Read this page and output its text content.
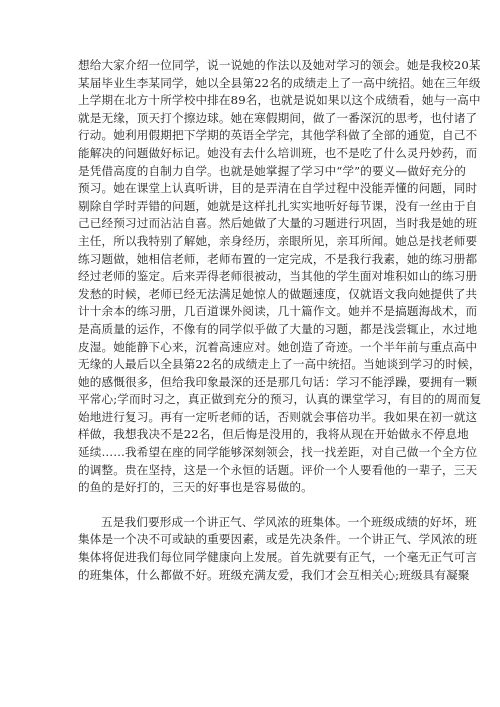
想给大家介绍一位同学，说一说她的作法以及她对学习的领会。她是我校20某
某届毕业生李某同学，她以全县第22名的成绩走上了一高中统招。她在三年级
上学期在北方十所学校中排在89名，也就是说如果以这个成绩看，她与一高中
就是无缘，顶天打个擦边球。她在寒假期间，做了一番深沉的思考，也付诸了
行动。她利用假期把下学期的英语全学完，其他学科做了全部的通览，自己不
能解决的问题做好标记。她没有去什么培训班，也不是吃了什么灵丹妙药，而
是凭借高度的自制力自学。也就是她掌握了学习中“学”的要义—做好充分的
预习。她在课堂上认真听讲，目的是弄清在自学过程中没能弄懂的问题，同时
剔除自学时弄错的问题，她就是这样扎扎实实地听好每节课，没有一丝由于自
己已经预习过而沾沾自喜。然后她做了大量的习题进行巩固，当时我是她的班
主任，所以我特别了解她，亲身经历，亲眼所见，亲耳所闻。她总是找老师要
练习题做，她相信老师，老师布置的一定完成，不是我行我素，她的练习册都
经过老师的鉴定。后来弄得老师很被动，当其他的学生面对堆积如山的练习册
发愁的时候，老师已经无法满足她惊人的做题速度，仅就语文我向她提供了共
计十余本的练习册，几百道课外阅读，几十篇作文。她并不是搞题海战术，而
是高质量的运作，不像有的同学似乎做了大量的习题，都是浅尝辄止，水过地
皮湿。她能静下心来，沉着高速应对。她创造了奇迹。一个半年前与重点高中
无缘的人最后以全县第22名的成绩走上了一高中统招。当她谈到学习的时候，
她的感慨很多，但给我印象最深的还是那几句话：学习不能浮躁，要拥有一颗
平常心;学而时习之，真正做到充分的预习，认真的课堂学习，有目的的周而复
始地进行复习。再有一定听老师的话，否则就会事倍功半。我如果在初一就这
样做，我想我决不是22名，但后悔是没用的，我将从现在开始做永不停息地
延续……我希望在座的同学能够深刻领会，找一找差距，对自己做一个全方位
的调整。贵在坚持，这是一个永恒的话题。评价一个人要看他的一辈子，三天
的鱼的是好打的，三天的好事也是容易做的。
五是我们要形成一个讲正气、学风浓的班集体。一个班级成绩的好坏，班
集体是一个决不可或缺的重要因素，或是先决条件。一个讲正气、学风浓的班
集体将促进我们每位同学健康向上发展。首先就要有正气，一个毫无正气可言
的班集体，什么都做不好。班级充满友爱，我们才会互相关心;班级具有凝聚
